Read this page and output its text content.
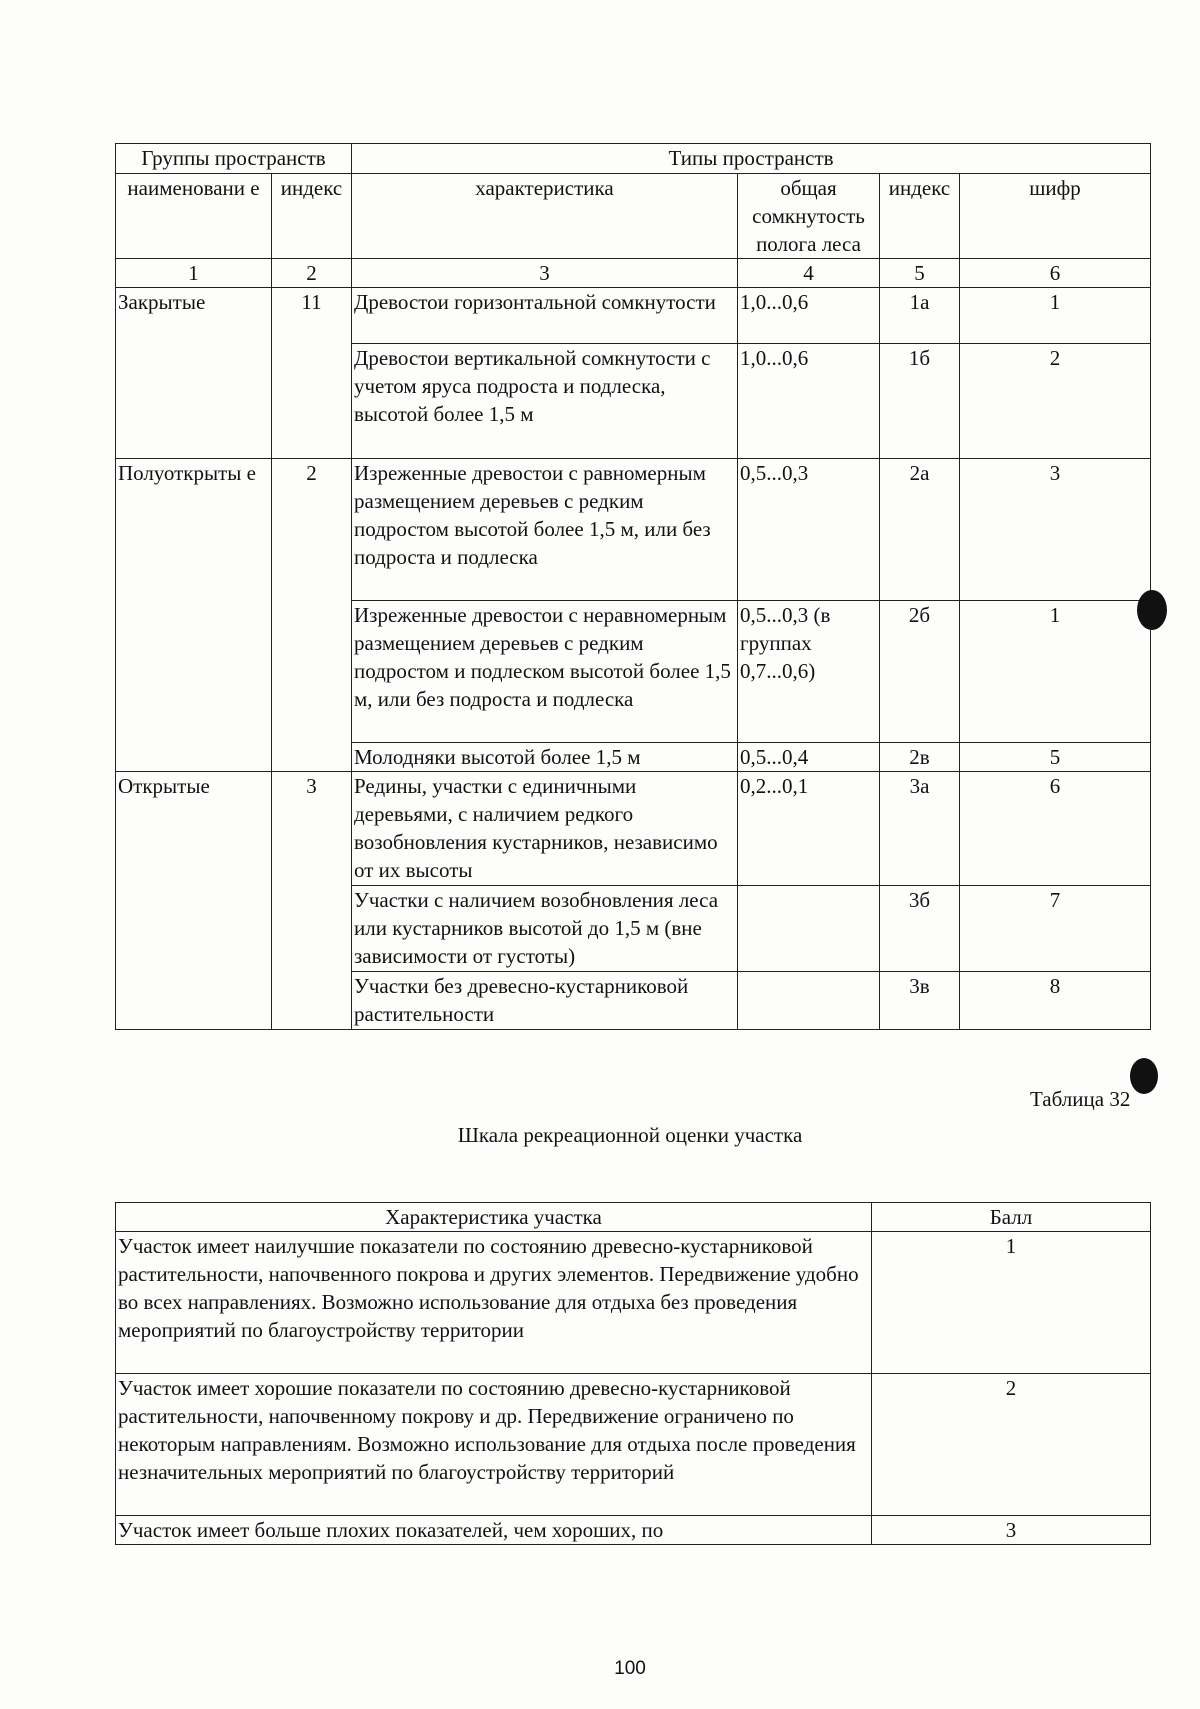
Группы пространств		Типы пространств			
наименовани е	индекс	характеристика	общая сомкнутость полога леса	индекс	шифр
1	2	3	4	5	6
Закрытые	11	Древостои горизонтальной сомкнутости	1,0...0,6	1а	1
		Древостои вертикальной сомкнутости с учетом яруса подроста и подлеска, высотой более 1,5 м	1,0...0,6	1б	2
Полуоткрыты е	2	Изреженные древостои с равномерным размещением деревьев с редким подростом высотой более 1,5 м, или без подроста и подлеска	0,5...0,3	2а	3
		Изреженные древостои с неравномерным размещением деревьев с редким подростом и подлеском высотой более 1,5 м, или без подроста и подлеска	0,5...0,3 (в группах 0,7...0,6)	2б	1
		Молодняки высотой более 1,5 м	0,5...0,4	2в	5
Открытые	3	Редины, участки с единичными деревьями, с наличием редкого возобновления кустарников, независимо от их высоты	0,2...0,1	3а	6
		Участки с наличием возобновления леса или кустарников высотой до 1,5 м (вне зависимости от густоты)		3б	7
		Участки без древесно-кустарниковой растительности		3в	8
Таблица 32
Шкала рекреационной оценки участка
Характеристика участка	Балл
Участок имеет наилучшие показатели по состоянию древесно-кустарниковой растительности, напочвенного покрова и других элементов. Передвижение удобно во всех направлениях. Возможно использование для отдыха без проведения мероприятий по благоустройству территории	1
Участок имеет хорошие показатели по состоянию древесно-кустарниковой растительности, напочвенному покрову и др. Передвижение ограничено по некоторым направлениям. Возможно использование для отдыха после проведения незначительных мероприятий по благоустройству территорий	2
Участок имеет больше плохих показателей, чем хороших, по	3
100
